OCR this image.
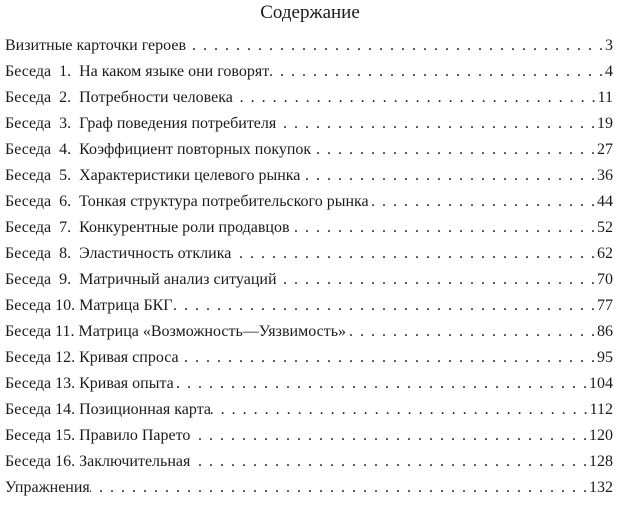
Содержание
Визитные карточки героев . . .	3
Беседа  1.  На каком языке они говорят . . .	4
Беседа  2.  Потребности человека . . .	11
Беседа  3.  Граф поведения потребителя . . .	19
Беседа  4.  Коэффициент повторных покупок . . .	27
Беседа  5.  Характеристики целевого рынка . . .	36
Беседа  6.  Тонкая структура потребительского рынка . . .	44
Беседа  7.  Конкурентные роли продавцов . . .	52
Беседа  8.  Эластичность отклика . . .	62
Беседа  9.  Матричный анализ ситуаций . . .	70
Беседа 10. Матрица БКГ . . .	77
Беседа 11. Матрица «Возможность—Уязвимость» . . .	86
Беседа 12. Кривая спроса . . .	95
Беседа 13. Кривая опыта . . .	104
Беседа 14. Позиционная карта . . .	112
Беседа 15. Правило Парето . . .	120
Беседа 16. Заключительная . . .	128
Упражнения . . .	132
